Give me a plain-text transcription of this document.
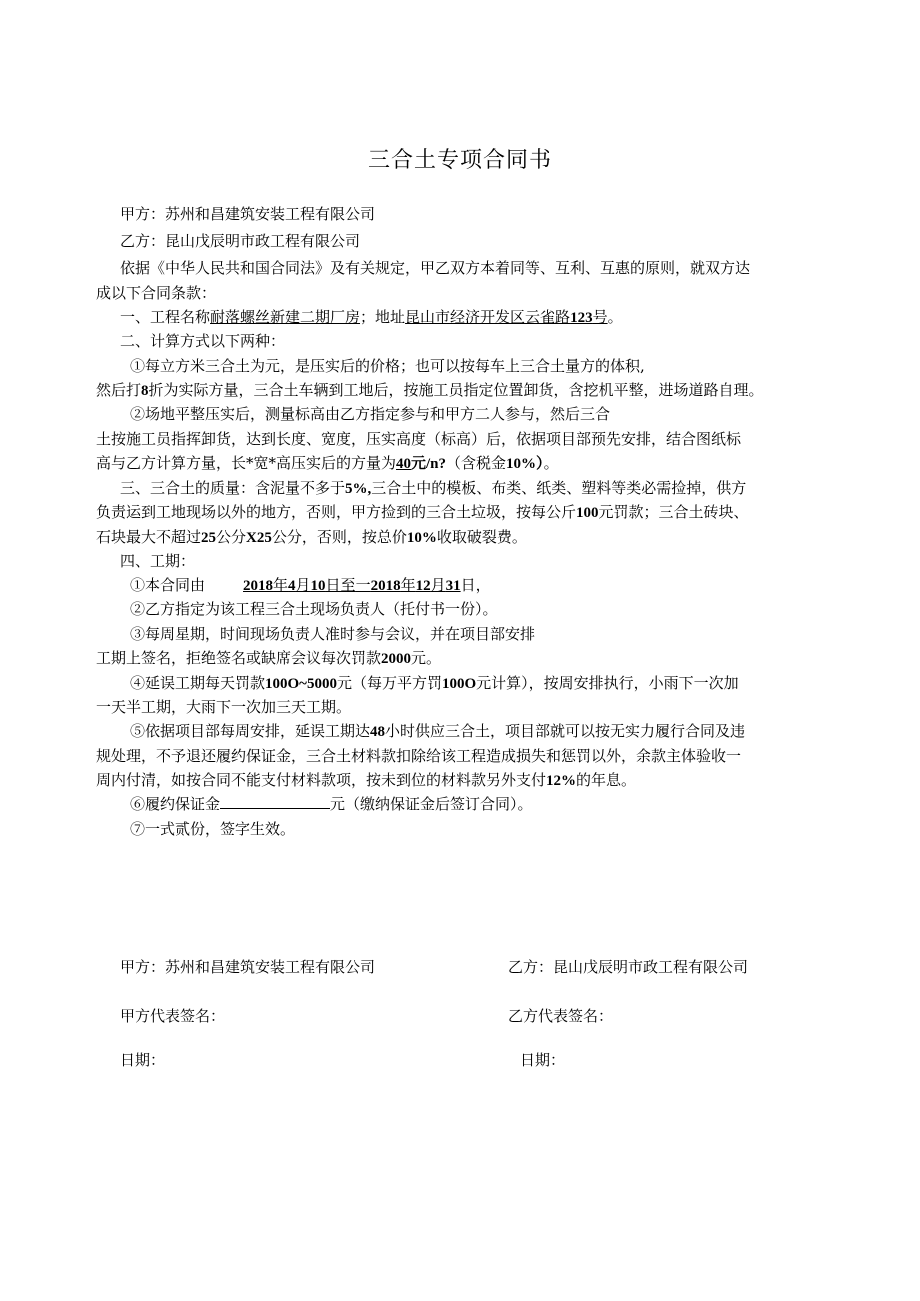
三合土专项合同书
甲方：苏州和昌建筑安装工程有限公司
乙方：昆山戊辰明市政工程有限公司
依据《中华人民共和国合同法》及有关规定，甲乙双方本着同等、互利、互惠的原则，就双方达
成以下合同条款：
一、工程名称耐落螺丝新建二期厂房；地址昆山市经济开发区云雀路123号。
二、计算方式以下两种：
①每立方米三合土为元，是压实后的价格；也可以按每车上三合土量方的体积,
然后打8折为实际方量，三合土车辆到工地后，按施工员指定位置卸货，含挖机平整，进场道路自理。
②场地平整压实后，测量标高由乙方指定参与和甲方二人参与，然后三合
土按施工员指挥卸货，达到长度、宽度，压实高度（标高）后，依据项目部预先安排，结合图纸标
高与乙方计算方量，长*宽*高压实后的方量为40元/n?（含税金10%）。
三、三合土的质量：含泥量不多于5%,三合土中的模板、布类、纸类、塑料等类必需捡掉，供方
负责运到工地现场以外的地方，否则，甲方捡到的三合土垃圾，按每公斤100元罚款；三合土砖块、
石块最大不超过25公分X25公分，否则，按总价10%收取破裂费。
四、工期：
①本合同由	2018年4月10日至一2018年12月31日，
②乙方指定为该工程三合土现场负责人（托付书一份）。
③每周星期，时间现场负责人准时参与会议，并在项目部安排
工期上签名，拒绝签名或缺席会议每次罚款2000元。
④延误工期每天罚款100O~5000元（每万平方罚100O元计算），按周安排执行，小雨下一次加
一天半工期，大雨下一次加三天工期。
⑤依据项目部每周安排，延误工期达48小时供应三合土，项目部就可以按无实力履行合同及违
规处理，不予退还履约保证金，三合土材料款扣除给该工程造成损失和惩罚以外，余款主体验收一
周内付清，如按合同不能支付材料款项，按未到位的材料款另外支付12%的年息。
⑥履约保证金	元（缴纳保证金后签订合同）。
⑦一式贰份，签字生效。
甲方：苏州和昌建筑安装工程有限公司	乙方：昆山戊辰明市政工程有限公司
甲方代表签名：	乙方代表签名：
日期：	日期：
